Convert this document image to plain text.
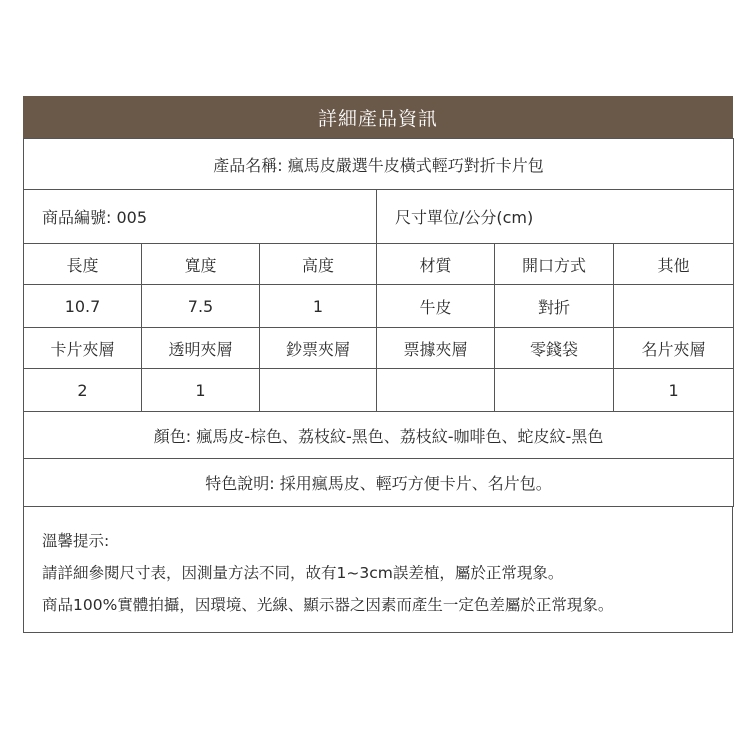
詳細產品資訊
產品名稱: 瘋馬皮嚴選牛皮橫式輕巧對折卡片包					
商品編號: 005			尺寸單位/公分(cm)		
長度	寬度	高度	材質	開口方式	其他
10.7	7.5	1	牛皮	對折	
卡片夾層	透明夾層	鈔票夾層	票據夾層	零錢袋	名片夾層
2	1				1
顏色: 瘋馬皮-棕色、荔枝紋-黑色、荔枝紋-咖啡色、蛇皮紋-黑色					
特色說明: 採用瘋馬皮、輕巧方便卡片、名片包。					
溫馨提示:
請詳細參閱尺寸表，因測量方法不同，故有1~3cm誤差植，屬於正常現象。
商品100%實體拍攝，因環境、光線、顯示器之因素而產生一定色差屬於正常現象。
